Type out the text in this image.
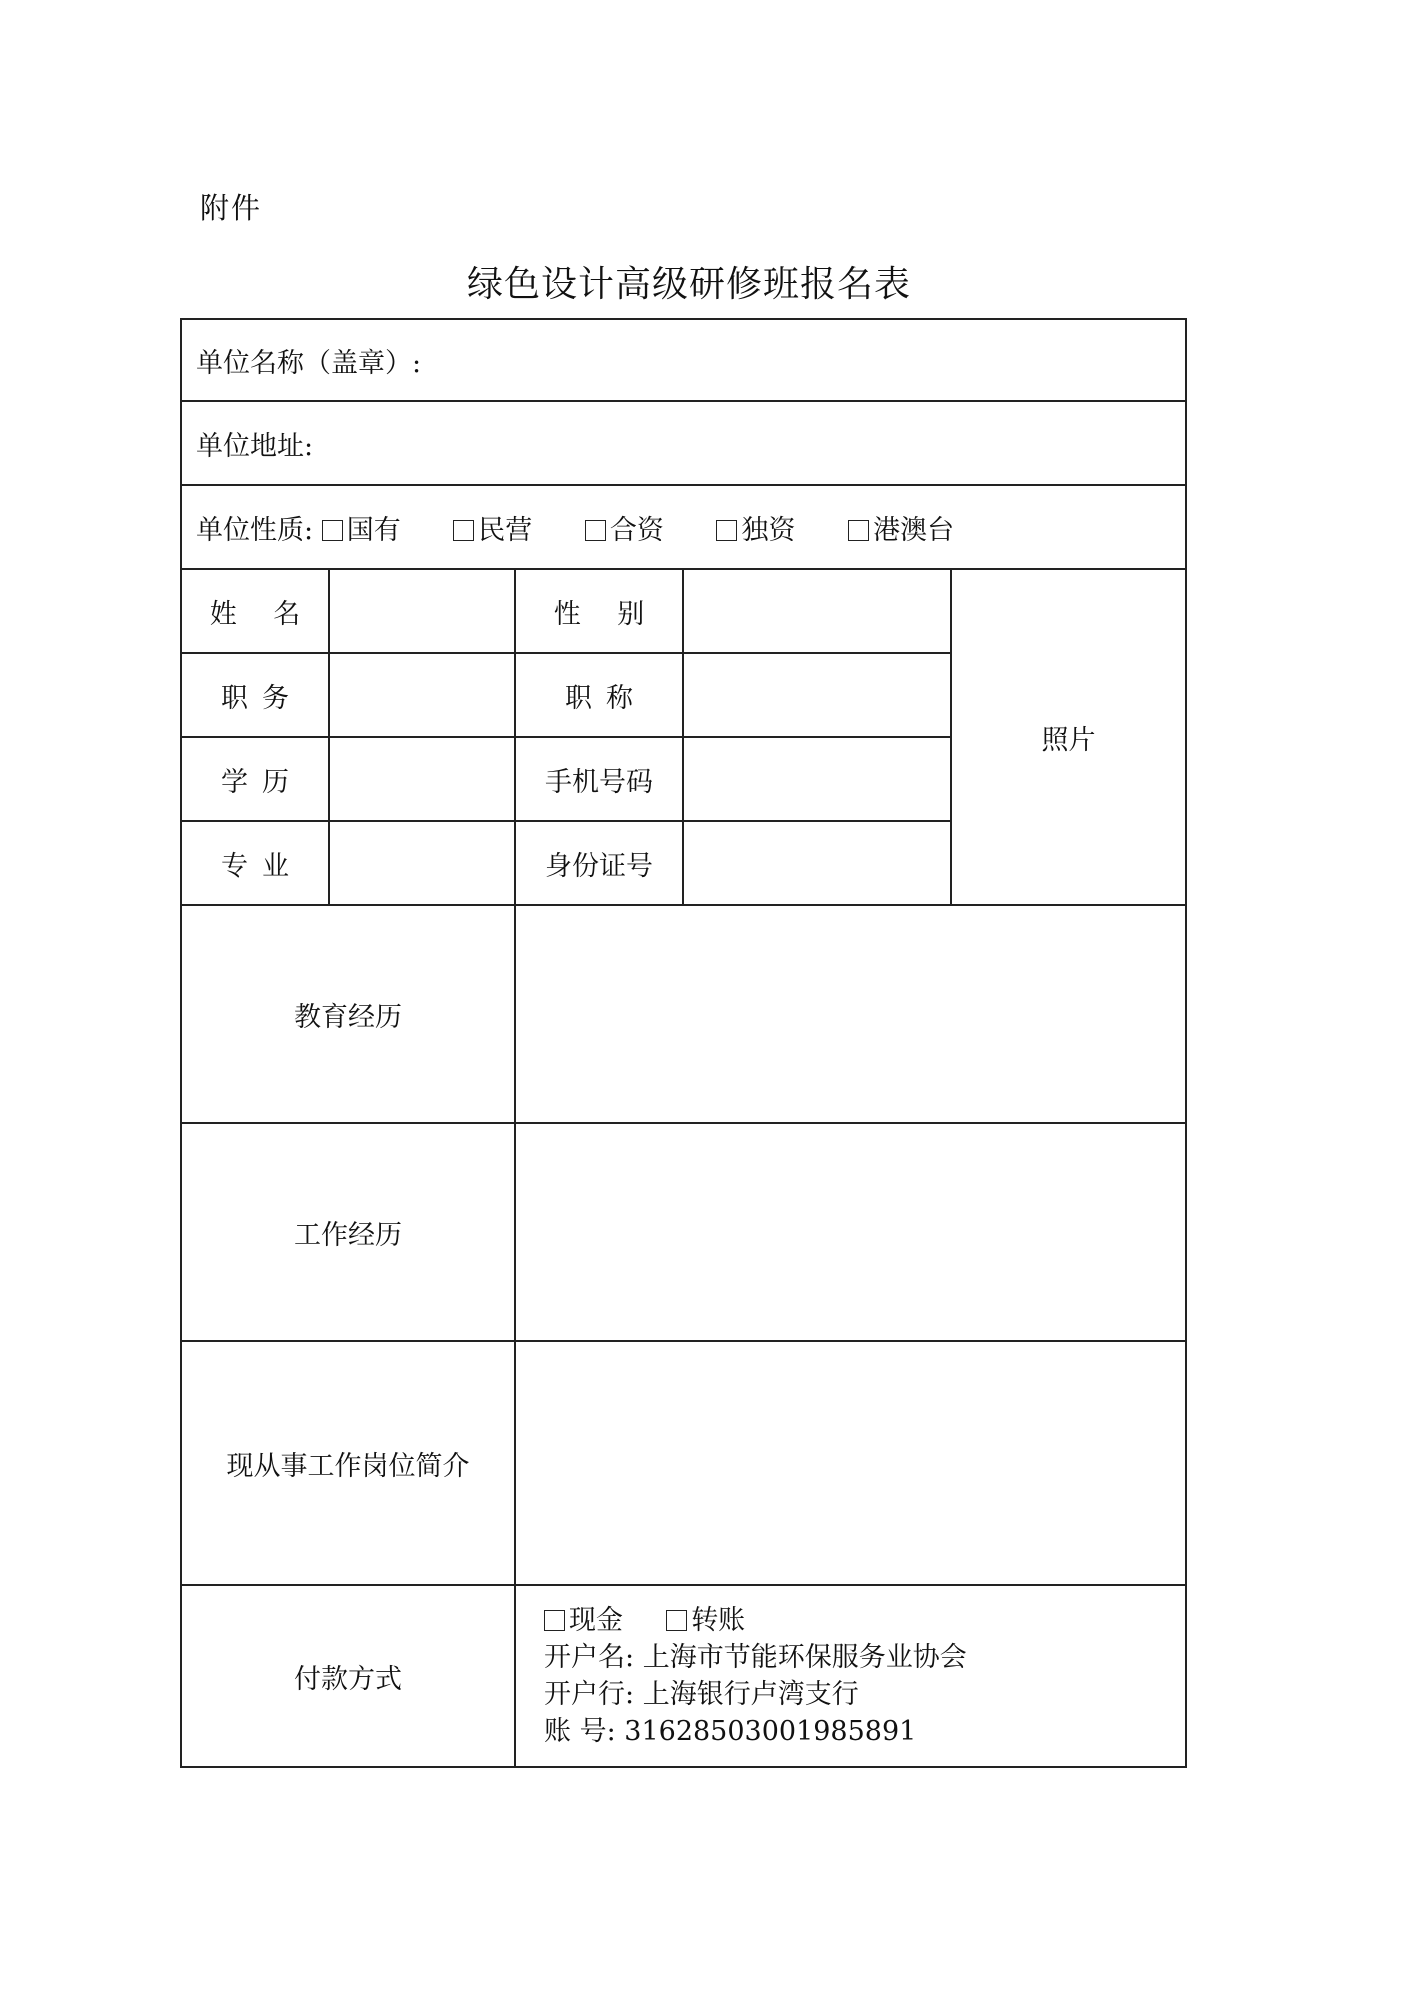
附件
绿色设计高级研修班报名表
单位名称（盖章）:				
单位地址:				
单位性质: 国有 民营 合资 独资 港澳台				
姓 名		性 别		照片
职务		职称		
学历		手机号码		
专业		身份证号		
教育经历				
工作经历				
现从事工作岗位简介				
付款方式		现金 转账
开户名: 上海市节能环保服务业协会
开户行: 上海银行卢湾支行
账 号: 31628503001985891		
